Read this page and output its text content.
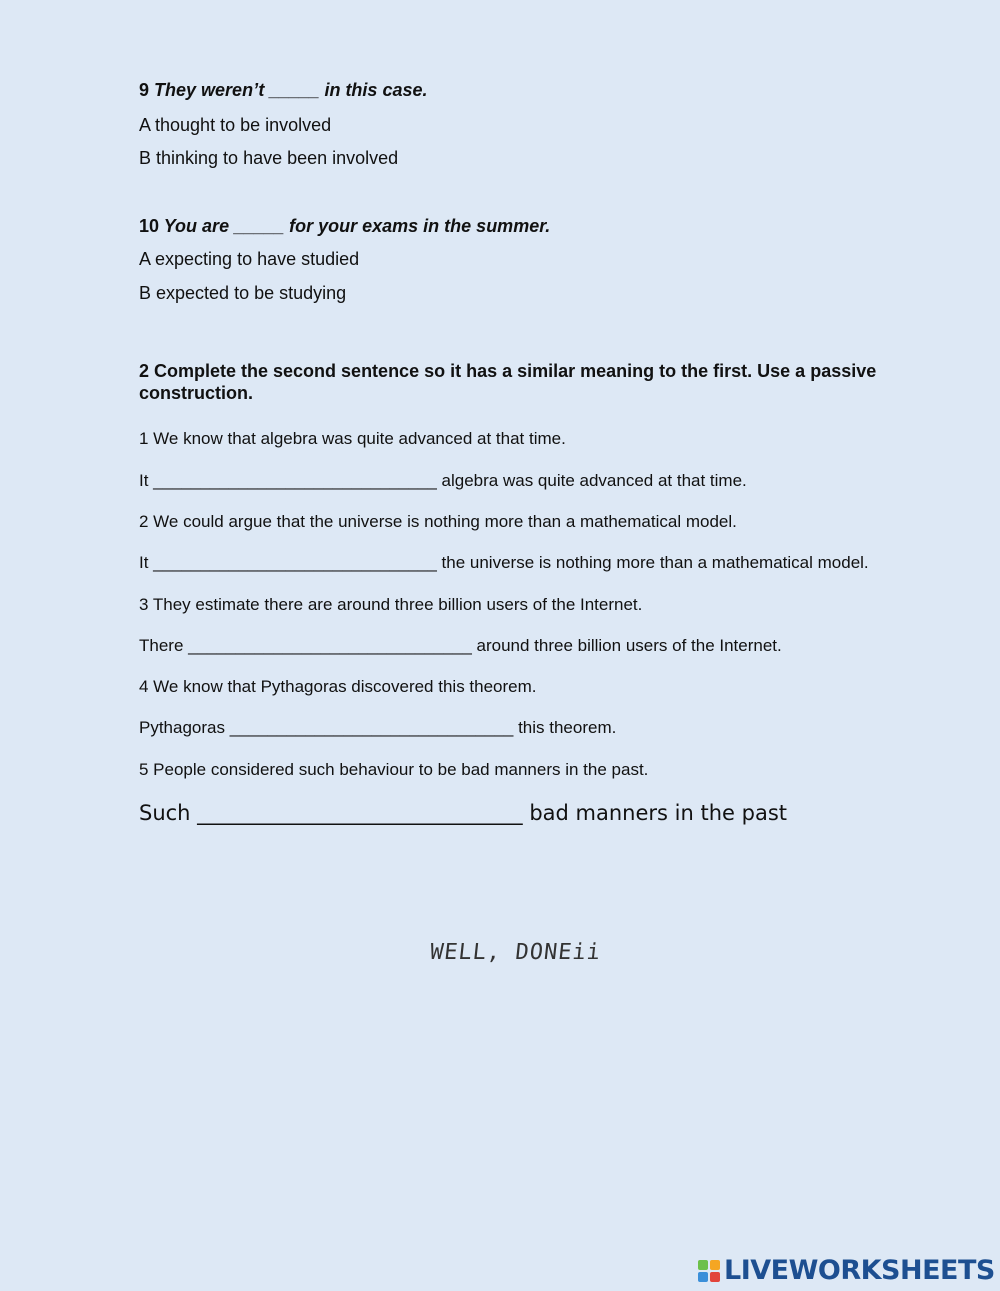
9 They weren’t _____ in this case.
A thought to be involved
B thinking to have been involved
10 You are _____ for your exams in the summer.
A expecting to have studied
B expected to be studying
2 Complete the second sentence so it has a similar meaning to the first. Use a passive construction.
1 We know that algebra was quite advanced at that time.
It ______________________________ algebra was quite advanced at that time.
2 We could argue that the universe is nothing more than a mathematical model.
It ______________________________ the universe is nothing more than a mathematical model.
3 They estimate there are around three billion users of the Internet.
There ______________________________ around three billion users of the Internet.
4 We know that Pythagoras discovered this theorem.
Pythagoras ______________________________ this theorem.
5 People considered such behaviour to be bad manners in the past.
Such _______________________________ bad manners in the past
WELL, DONEii
LIVEWORKSHEETS
